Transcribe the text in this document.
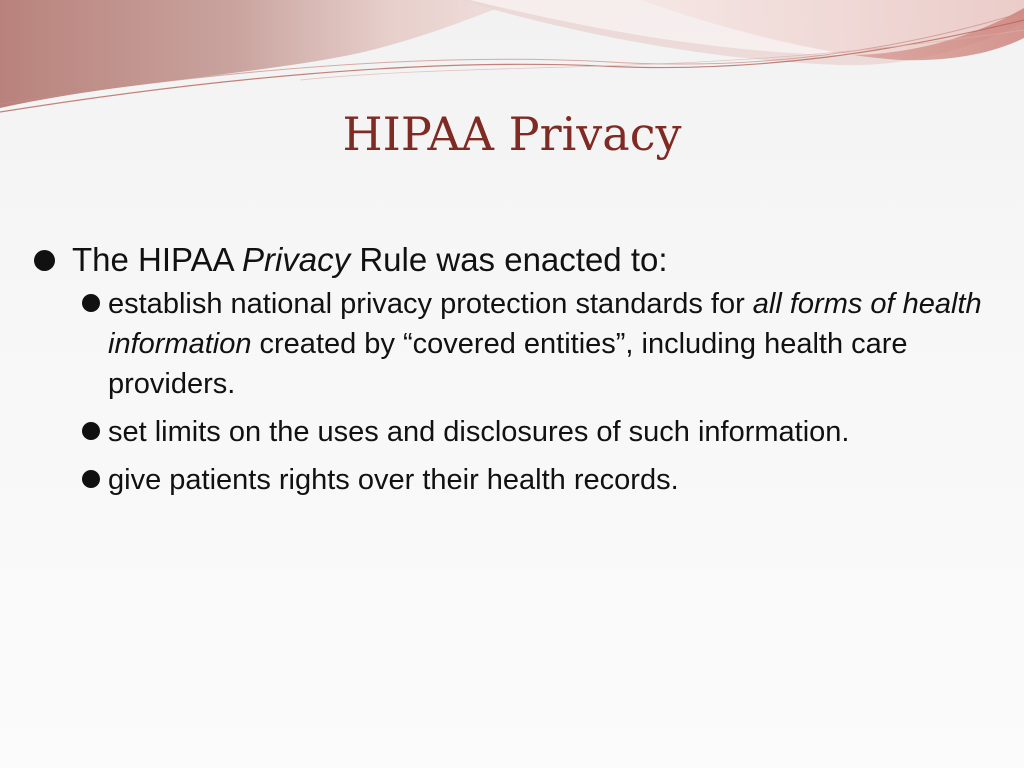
HIPAA Privacy
The HIPAA Privacy Rule was enacted to:
establish national privacy protection standards for all forms of health information created by “covered entities”, including health care providers.
set limits on the uses and disclosures of such information.
give patients rights over their health records.
